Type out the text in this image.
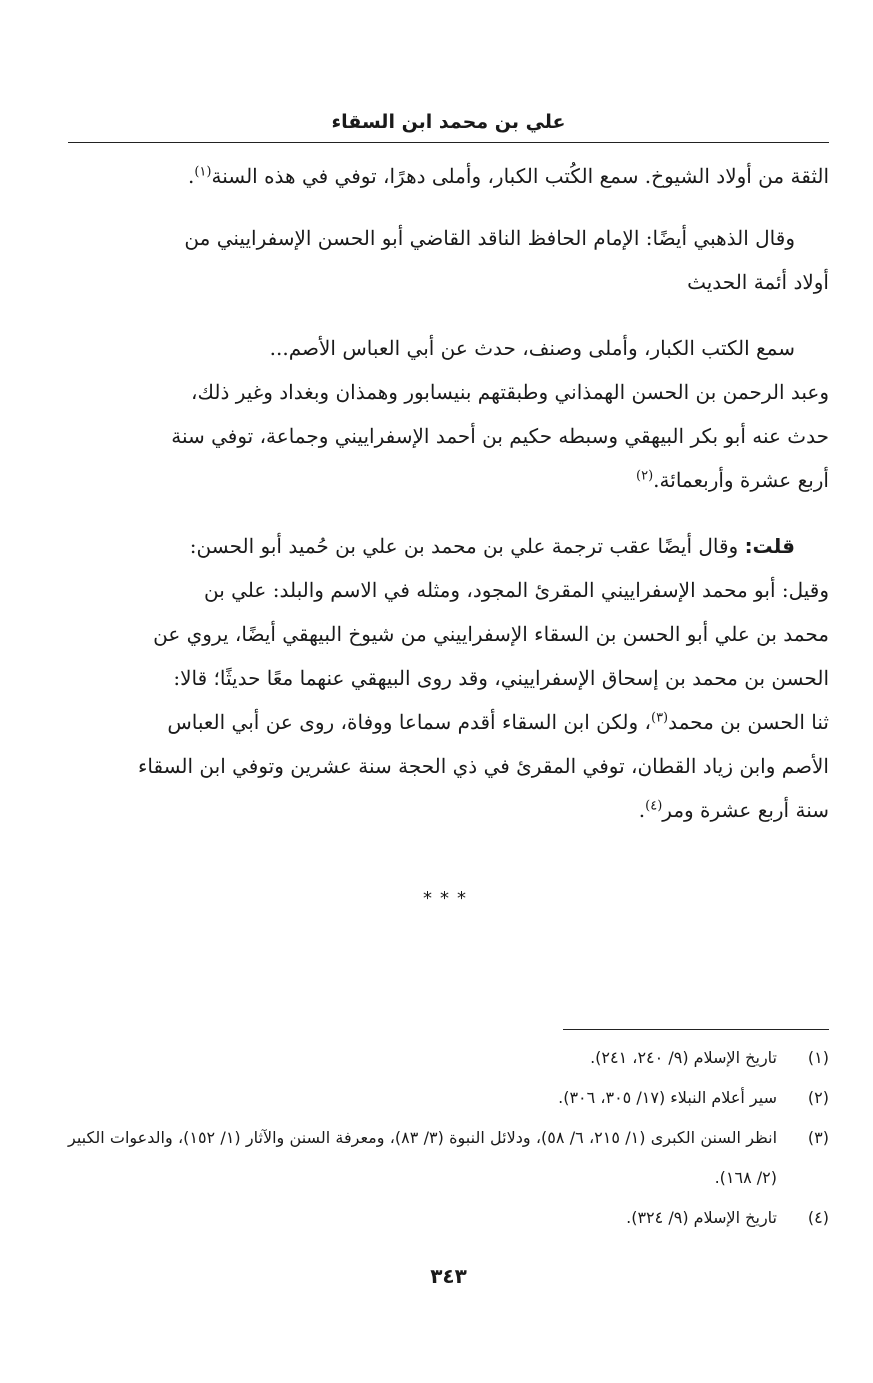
علي بن محمد ابن السقاء

الثقة من أولاد الشيوخ. سمع الكُتب الكبار، وأملى دهرًا، توفي في هذه السنة$^{(١)}$.

وقال الذهبي أيضًا: الإمام الحافظ الناقد القاضي أبو الحسن الإسفراييني من
أولاد أئمة الحديث

سمع الكتب الكبار، وأملى وصنف، حدث عن أبي العباس الأصم...
وعبد الرحمن بن الحسن الهمذاني وطبقتهم بنيسابور وهمذان وبغداد وغير ذلك،
حدث عنه أبو بكر البيهقي وسبطه حكيم بن أحمد الإسفراييني وجماعة، توفي سنة
أربع عشرة وأربعمائة.$^{(٢)}$

قلت: وقال أيضًا عقب ترجمة علي بن محمد بن علي بن حُميد أبو الحسن:
وقيل: أبو محمد الإسفراييني المقرئ المجود، ومثله في الاسم والبلد: علي بن
محمد بن علي أبو الحسن بن السقاء الإسفراييني من شيوخ البيهقي أيضًا، يروي عن
الحسن بن محمد بن إسحاق الإسفراييني، وقد روى البيهقي عنهما معًا حديثًا؛ قالا:
ثنا الحسن بن محمد$^{(٣)}$، ولكن ابن السقاء أقدم سماعا ووفاة، روى عن أبي العباس
الأصم وابن زياد القطان، توفي المقرئ في ذي الحجة سنة عشرين وتوفي ابن السقاء
سنة أربع عشرة ومر$^{(٤)}$.

***

(١)
تاريخ الإسلام (٩/ ٢٤٠، ٢٤١).

(٢)
سير أعلام النبلاء (١٧/ ٣٠٥، ٣٠٦).

(٣)
انظر السنن الكبرى (١/ ٢١٥، ٦/ ٥٨)، ودلائل النبوة (٣/ ٨٣)، ومعرفة السنن والآثار (١/ ١٥٢)، والدعوات الكبير (٢/ ١٦٨).

(٤)
تاريخ الإسلام (٩/ ٣٢٤).

٣٤٣
